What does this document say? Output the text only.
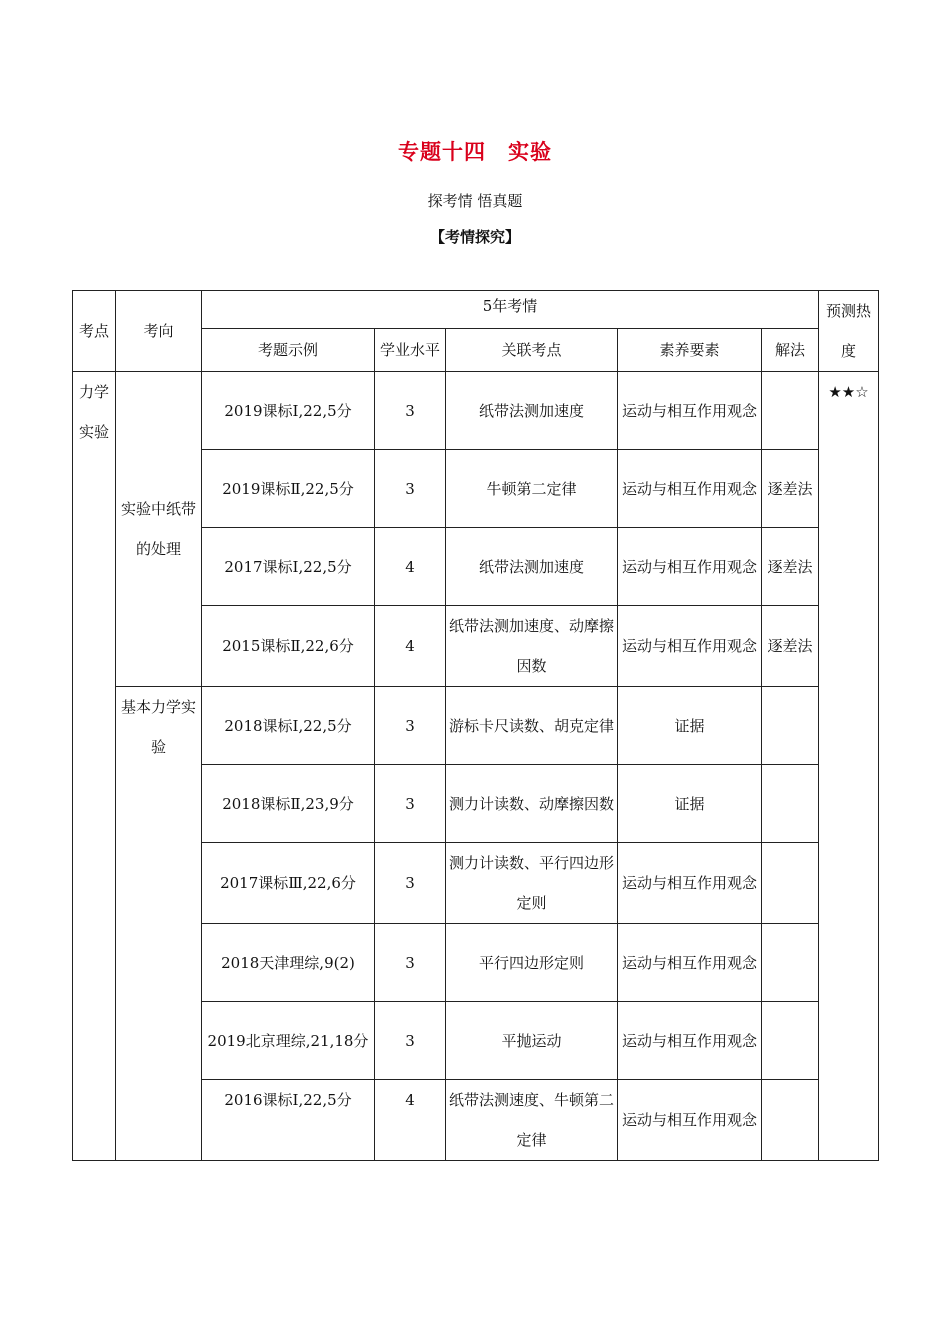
专题十四　实验
探考情 悟真题
【考情探究】
考点	考向	5年考情					预测热度
		考题示例	学业水平	关联考点	素养要素	解法	
力学实验	实验中纸带的处理	2019课标Ⅰ,22,5分	3	纸带法测加速度	运动与相互作用观念		★★☆
		2019课标Ⅱ,22,5分	3	牛顿第二定律	运动与相互作用观念	逐差法	
		2017课标Ⅰ,22,5分	4	纸带法测加速度	运动与相互作用观念	逐差法	
		2015课标Ⅱ,22,6分	4	纸带法测加速度、动摩擦因数	运动与相互作用观念	逐差法	
	基本力学实验	2018课标Ⅰ,22,5分	3	游标卡尺读数、胡克定律	证据		
		2018课标Ⅱ,23,9分	3	测力计读数、动摩擦因数	证据		
		2017课标Ⅲ,22,6分	3	测力计读数、平行四边形定则	运动与相互作用观念		
		2018天津理综,9(2)	3	平行四边形定则	运动与相互作用观念		
		2019北京理综,21,18分	3	平抛运动	运动与相互作用观念		
		2016课标Ⅰ,22,5分	4	纸带法测速度、牛顿第二定律	运动与相互作用观念		
